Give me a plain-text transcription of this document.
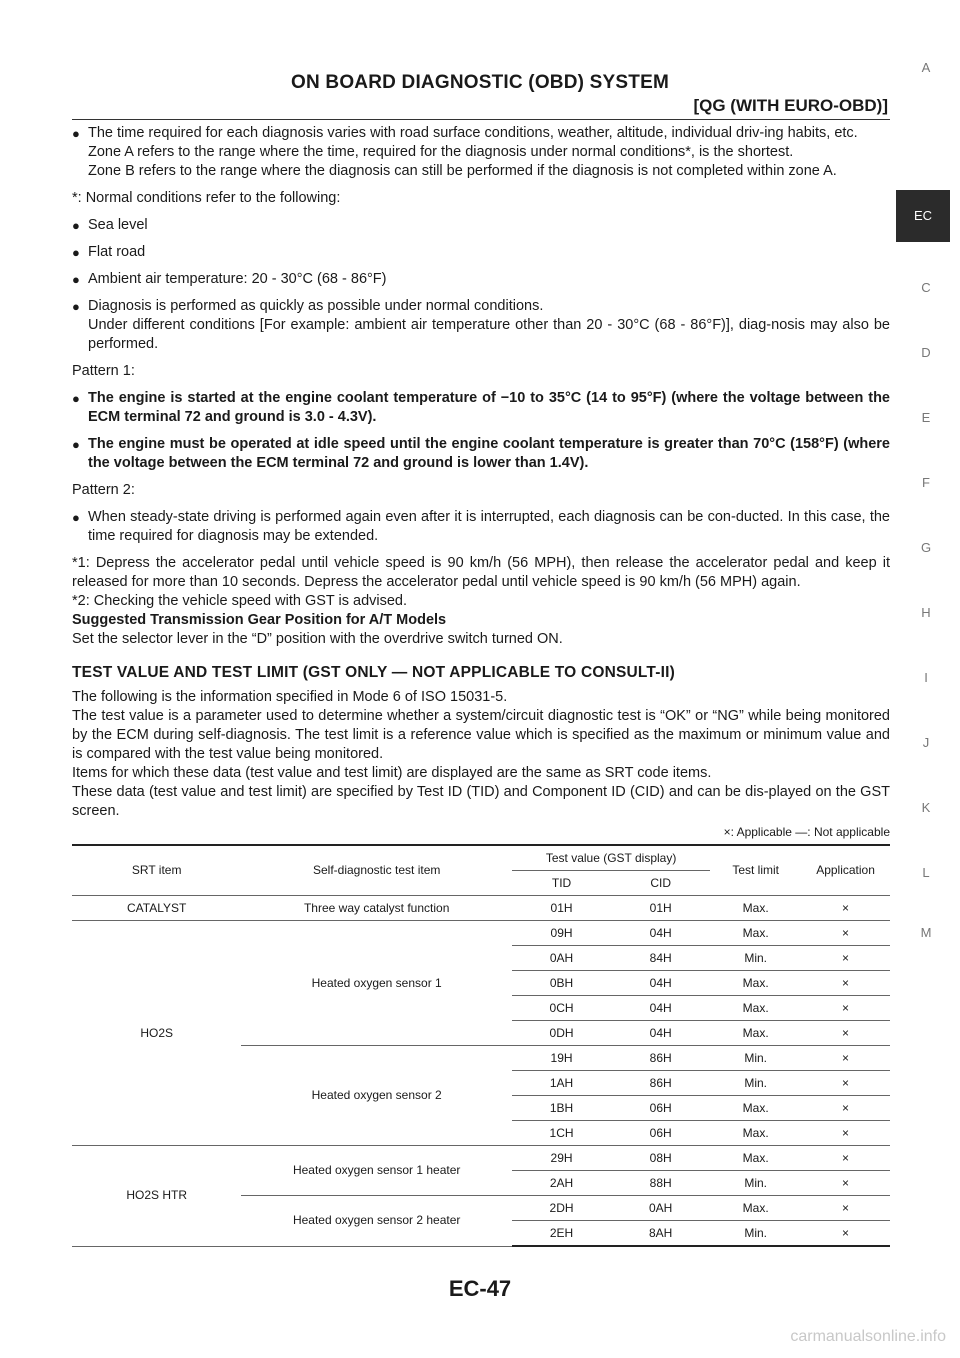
ON BOARD DIAGNOSTIC (OBD) SYSTEM
[QG (WITH EURO-OBD)]
A
EC
C
D
E
F
G
H
I
J
K
L
M
● The time required for each diagnosis varies with road surface conditions, weather, altitude, individual driv-ing habits, etc.
Zone A refers to the range where the time, required for the diagnosis under normal conditions*, is the shortest.
Zone B refers to the range where the diagnosis can still be performed if the diagnosis is not completed within zone A.

*: Normal conditions refer to the following:

● Sea level
● Flat road
● Ambient air temperature: 20 - 30°C (68 - 86°F)
● Diagnosis is performed as quickly as possible under normal conditions.
Under different conditions [For example: ambient air temperature other than 20 - 30°C (68 - 86°F)], diag-nosis may also be performed.

Pattern 1:

● The engine is started at the engine coolant temperature of −10 to 35°C (14 to 95°F) (where the voltage between the ECM terminal 72 and ground is 3.0 - 4.3V).
● The engine must be operated at idle speed until the engine coolant temperature is greater than 70°C (158°F) (where the voltage between the ECM terminal 72 and ground is lower than 1.4V).

Pattern 2:

● When steady-state driving is performed again even after it is interrupted, each diagnosis can be con-ducted. In this case, the time required for diagnosis may be extended.
*1: Depress the accelerator pedal until vehicle speed is 90 km/h (56 MPH), then release the accelerator pedal and keep it released for more than 10 seconds. Depress the accelerator pedal until vehicle speed is 90 km/h (56 MPH) again.
*2: Checking the vehicle speed with GST is advised.
Suggested Transmission Gear Position for A/T Models
Set the selector lever in the “D” position with the overdrive switch turned ON.
TEST VALUE AND TEST LIMIT (GST ONLY — NOT APPLICABLE TO CONSULT-II)
The following is the information specified in Mode 6 of ISO 15031-5.
The test value is a parameter used to determine whether a system/circuit diagnostic test is “OK” or “NG” while being monitored by the ECM during self-diagnosis. The test limit is a reference value which is specified as the maximum or minimum value and is compared with the test value being monitored.
Items for which these data (test value and test limit) are displayed are the same as SRT code items.
These data (test value and test limit) are specified by Test ID (TID) and Component ID (CID) and can be dis-played on the GST screen.
×: Applicable —: Not applicable
SRT item	Self-diagnostic test item	Test value (GST display)		Test limit	Application
		TID	CID		
CATALYST	Three way catalyst function	01H	01H	Max.	×
HO2S	Heated oxygen sensor 1	09H	04H	Max.	×
		0AH	84H	Min.	×
		0BH	04H	Max.	×
		0CH	04H	Max.	×
		0DH	04H	Max.	×
	Heated oxygen sensor 2	19H	86H	Min.	×
		1AH	86H	Min.	×
		1BH	06H	Max.	×
		1CH	06H	Max.	×
HO2S HTR	Heated oxygen sensor 1 heater	29H	08H	Max.	×
		2AH	88H	Min.	×
	Heated oxygen sensor 2 heater	2DH	0AH	Max.	×
		2EH	8AH	Min.	×
EC-47
carmanualsonline.info
